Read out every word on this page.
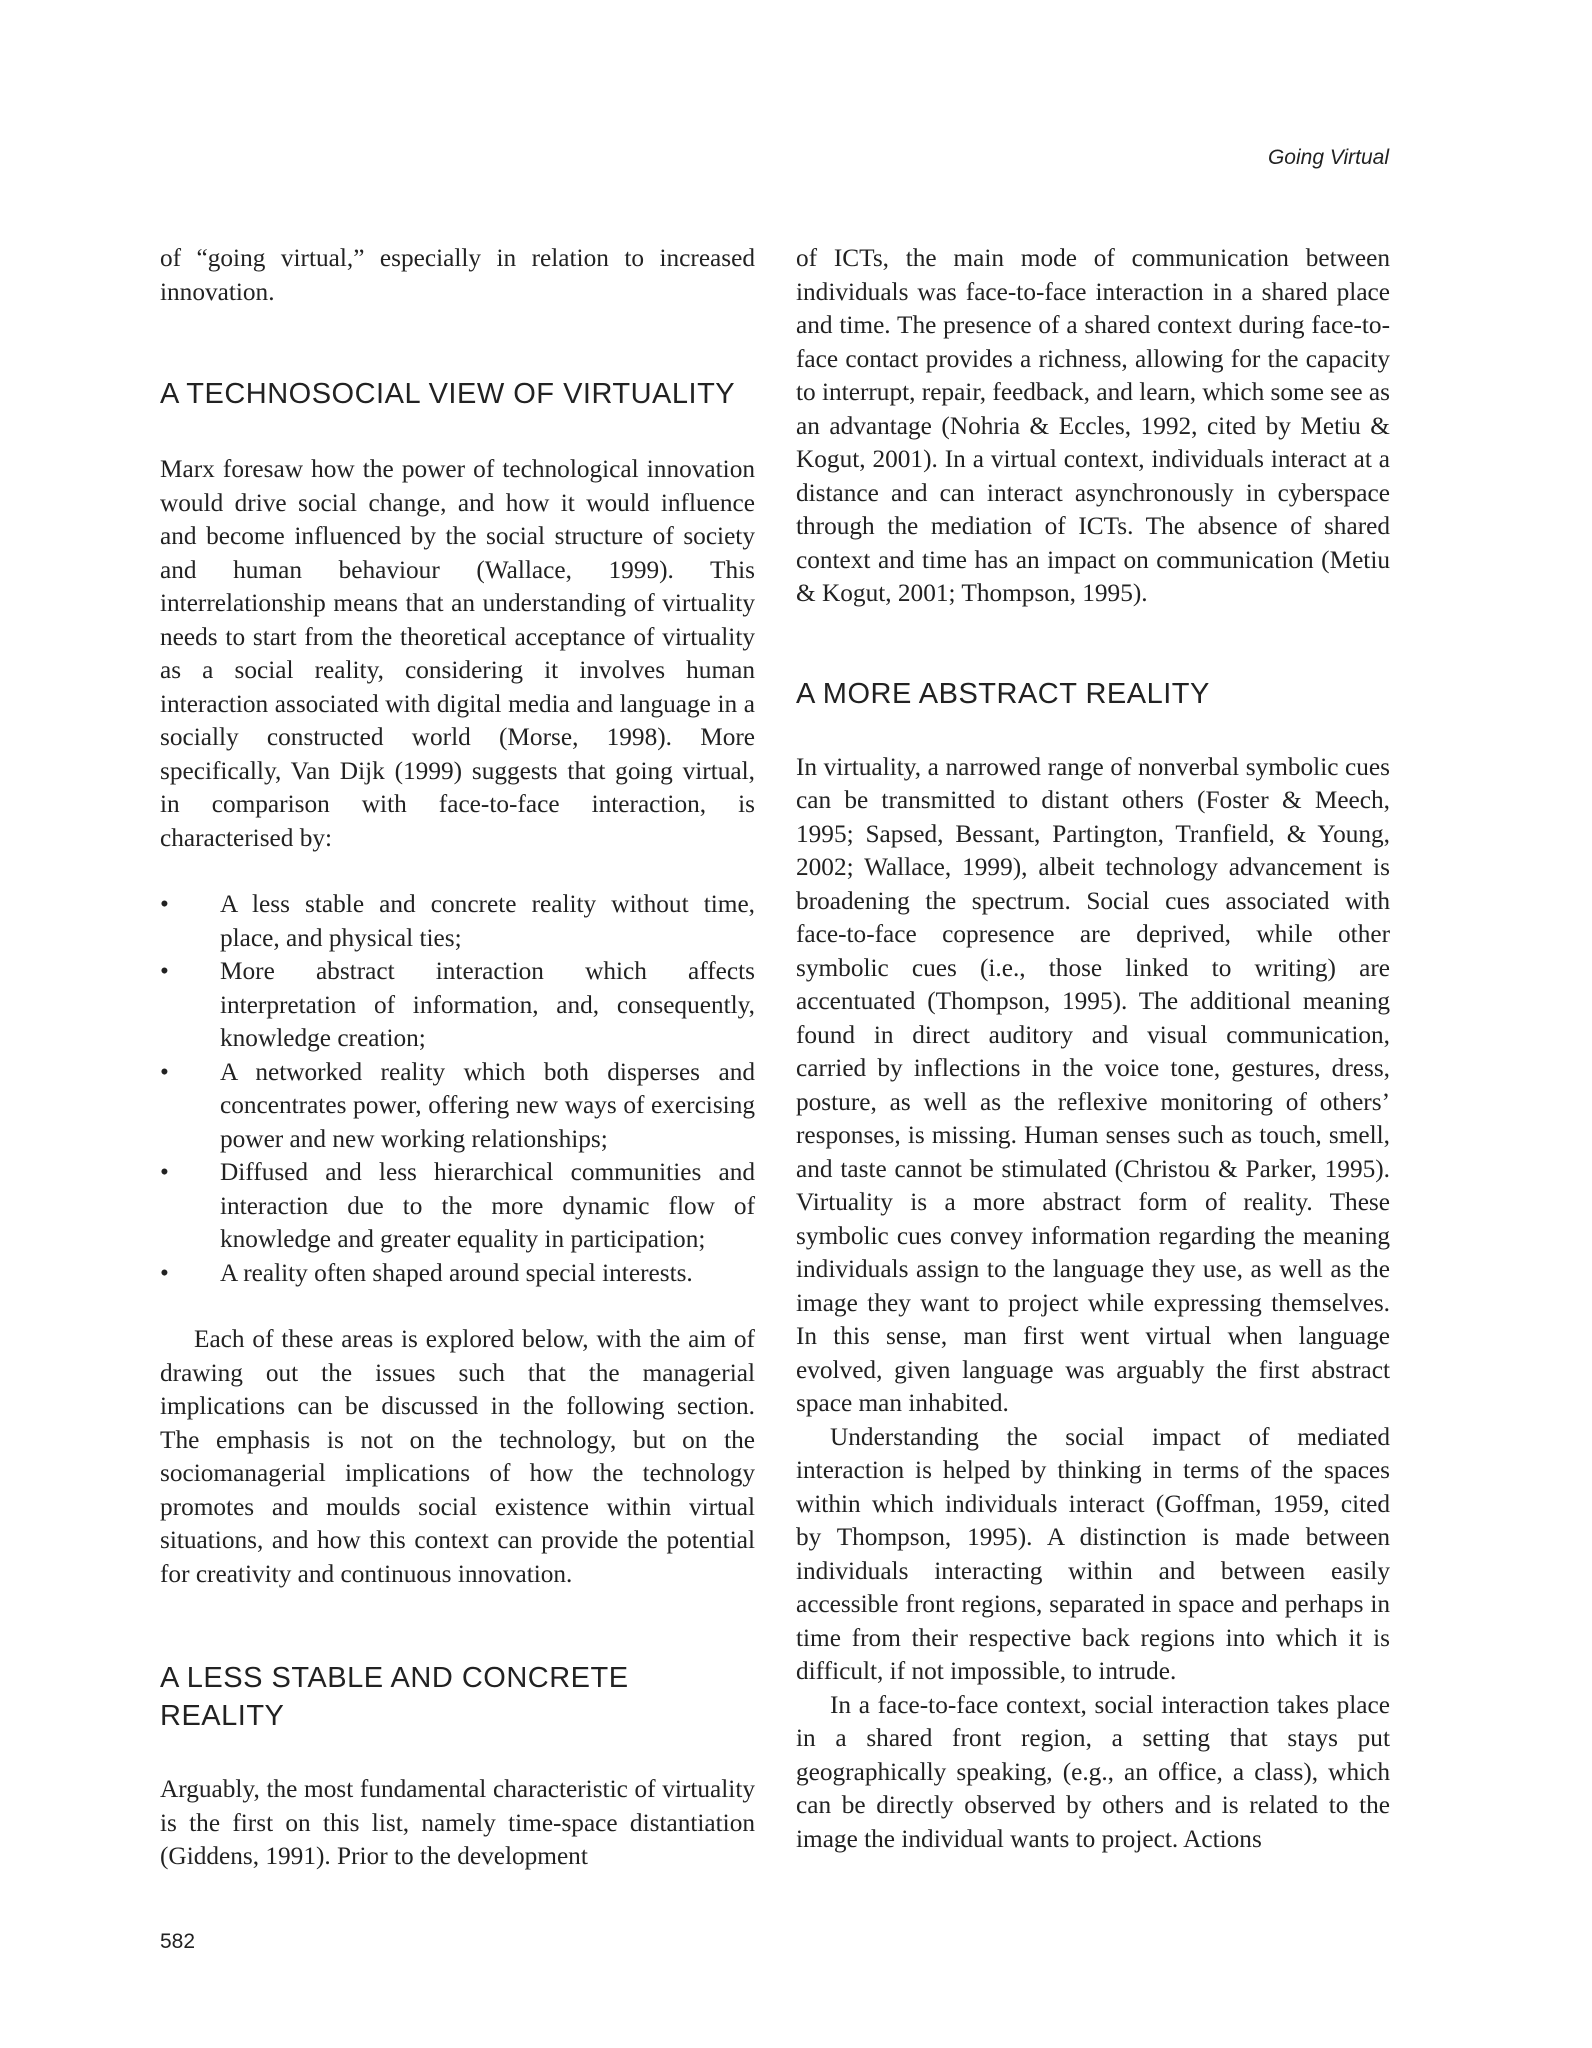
Going Virtual

of “going virtual,” especially in relation to increased innovation.

A TECHNOSOCIAL VIEW OF VIRTUALITY

Marx foresaw how the power of technological innovation would drive social change, and how it would influence and become influenced by the social structure of society and human behaviour (Wallace, 1999). This interrelationship means that an understanding of virtuality needs to start from the theoretical acceptance of virtuality as a social reality, considering it involves human interaction associated with digital media and language in a socially constructed world (Morse, 1998). More specifically, Van Dijk (1999) suggests that going virtual, in comparison with face-to-face interaction, is characterised by:

•	A less stable and concrete reality without time, place, and physical ties;
•	More abstract interaction which affects interpretation of information, and, consequently, knowledge creation;
•	A networked reality which both disperses and concentrates power, offering new ways of exercising power and new working relationships;
•	Diffused and less hierarchical communities and interaction due to the more dynamic flow of knowledge and greater equality in participation;
•	A reality often shaped around special interests.

Each of these areas is explored below, with the aim of drawing out the issues such that the managerial implications can be discussed in the following section. The emphasis is not on the technology, but on the sociomanagerial implications of how the technology promotes and moulds social existence within virtual situations, and how this context can provide the potential for creativity and continuous innovation.

A LESS STABLE AND CONCRETE REALITY

Arguably, the most fundamental characteristic of virtuality is the first on this list, namely time-space distantiation (Giddens, 1991). Prior to the development

of ICTs, the main mode of communication between individuals was face-to-face interaction in a shared place and time. The presence of a shared context during face-to-face contact provides a richness, allowing for the capacity to interrupt, repair, feedback, and learn, which some see as an advantage (Nohria & Eccles, 1992, cited by Metiu & Kogut, 2001). In a virtual context, individuals interact at a distance and can interact asynchronously in cyberspace through the mediation of ICTs. The absence of shared context and time has an impact on communication (Metiu & Kogut, 2001; Thompson, 1995).

A MORE ABSTRACT REALITY

In virtuality, a narrowed range of nonverbal symbolic cues can be transmitted to distant others (Foster & Meech, 1995; Sapsed, Bessant, Partington, Tranfield, & Young, 2002; Wallace, 1999), albeit technology advancement is broadening the spectrum. Social cues associated with face-to-face copresence are deprived, while other symbolic cues (i.e., those linked to writing) are accentuated (Thompson, 1995). The additional meaning found in direct auditory and visual communication, carried by inflections in the voice tone, gestures, dress, posture, as well as the reflexive monitoring of others’ responses, is missing. Human senses such as touch, smell, and taste cannot be stimulated (Christou & Parker, 1995). Virtuality is a more abstract form of reality. These symbolic cues convey information regarding the meaning individuals assign to the language they use, as well as the image they want to project while expressing themselves. In this sense, man first went virtual when language evolved, given language was arguably the first abstract space man inhabited.

Understanding the social impact of mediated interaction is helped by thinking in terms of the spaces within which individuals interact (Goffman, 1959, cited by Thompson, 1995). A distinction is made between individuals interacting within and between easily accessible front regions, separated in space and perhaps in time from their respective back regions into which it is difficult, if not impossible, to intrude.

In a face-to-face context, social interaction takes place in a shared front region, a setting that stays put geographically speaking, (e.g., an office, a class), which can be directly observed by others and is related to the image the individual wants to project. Actions

582
